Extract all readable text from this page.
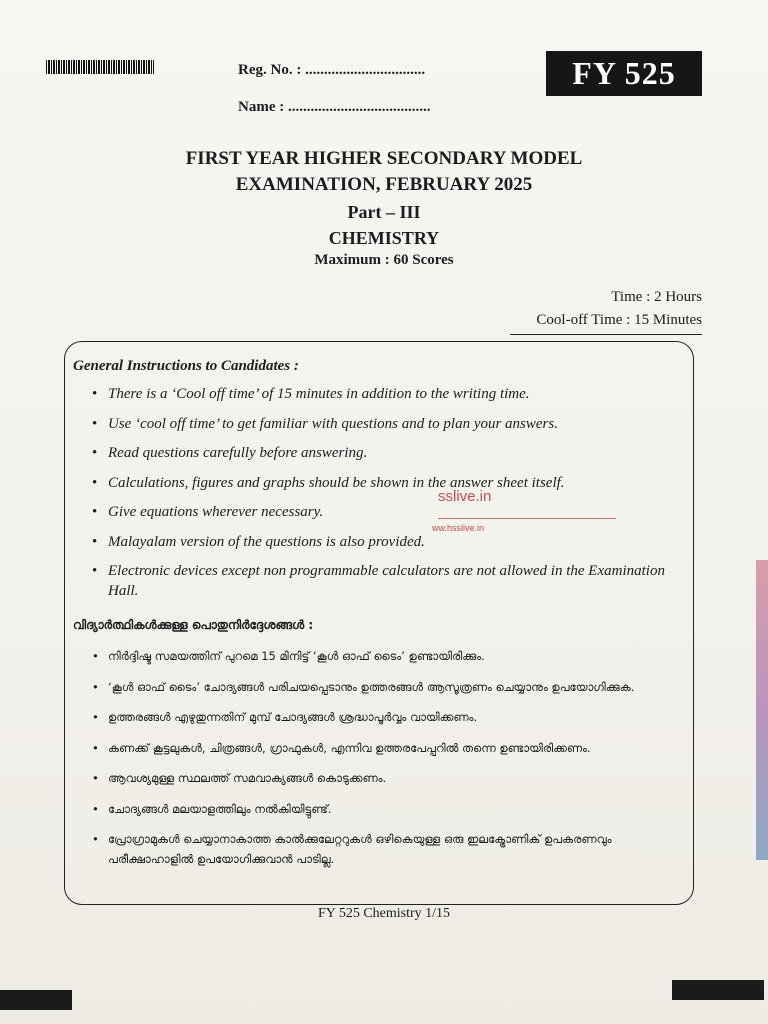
Reg. No. : ................................
Name : ......................................
FY 525
FIRST YEAR HIGHER SECONDARY MODEL
EXAMINATION, FEBRUARY 2025
Part – III
CHEMISTRY
Maximum : 60 Scores
Time : 2 Hours
Cool-off Time : 15 Minutes
General Instructions to Candidates :
• There is a ‘Cool off time’ of 15 minutes in addition to the writing time.
• Use ‘cool off time’ to get familiar with questions and to plan your answers.
• Read questions carefully before answering.
• Calculations, figures and graphs should be shown in the answer sheet itself.
• Give equations wherever necessary.
• Malayalam version of the questions is also provided.
• Electronic devices except non programmable calculators are not allowed in the Examination Hall.
വിദ്യാർത്ഥികൾക്കുള്ള പൊതുനിർദ്ദേശങ്ങൾ :
• നിർദ്ദിഷ്ട സമയത്തിന് പുറമെ 15 മിനിട്ട് ‘കൂൾ ഓഫ് ടൈം’ ഉണ്ടായിരിക്കും.
• ‘കൂൾ ഓഫ് ടൈം’ ചോദ്യങ്ങൾ പരിചയപ്പെടാനും ഉത്തരങ്ങൾ ആസൂത്രണം ചെയ്യാനും ഉപയോഗിക്കുക.
• ഉത്തരങ്ങൾ എഴുതുന്നതിന് മുമ്പ് ചോദ്യങ്ങൾ ശ്രദ്ധാപൂർവ്വം വായിക്കണം.
• കണക്ക് കൂട്ടലുകൾ, ചിത്രങ്ങൾ, ഗ്രാഫുകൾ, എന്നിവ ഉത്തരപേപ്പറിൽ തന്നെ ഉണ്ടായിരിക്കണം.
• ആവശ്യമുള്ള സ്ഥലത്ത് സമവാക്യങ്ങൾ കൊടുക്കണം.
• ചോദ്യങ്ങൾ മലയാളത്തിലും നൽകിയിട്ടുണ്ട്.
• പ്രോഗ്രാമുകൾ ചെയ്യാനാകാത്ത കാൽക്കുലേറ്ററുകൾ ഒഴികെയുള്ള ഒരു ഇലക്ട്രോണിക് ഉപകരണവും പരീക്ഷാഹാളിൽ ഉപയോഗിക്കുവാൻ പാടില്ല.
sslive.in
ww.hsslive.in
FY 525 Chemistry 1/15
